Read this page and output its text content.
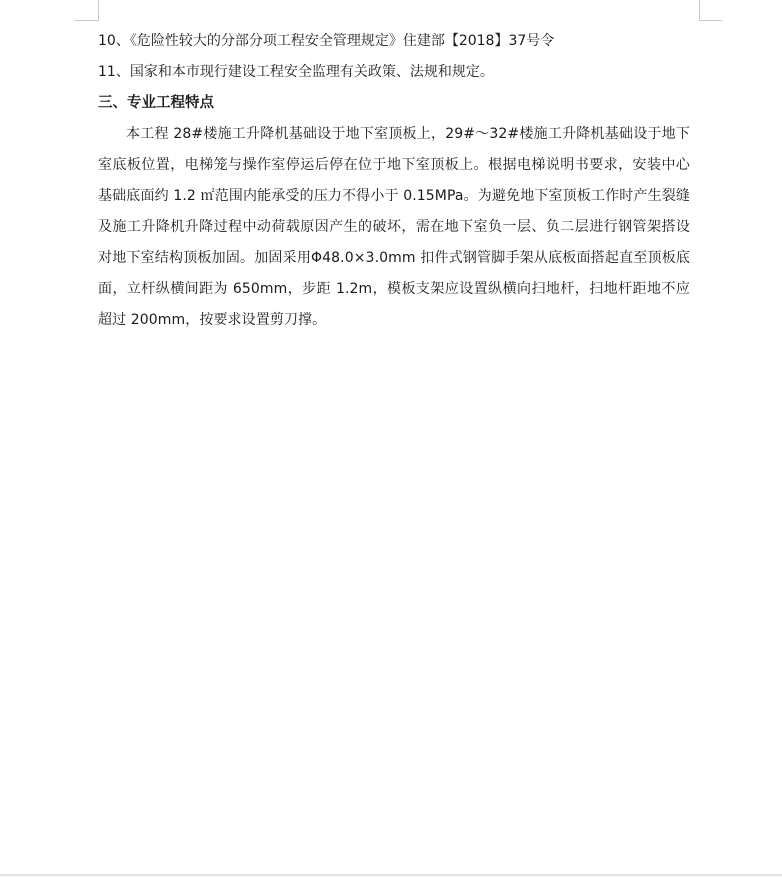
10、《危险性较大的分部分项工程安全管理规定》住建部【2018】37号令

11、国家和本市现行建设工程安全监理有关政策、法规和规定。

三、专业工程特点

本工程 28#楼施工升降机基础设于地下室顶板上，29#～32#楼施工升降机基础设于地下室底板位置，电梯笼与操作室停运后停在位于地下室顶板上。根据电梯说明书要求，安装中心基础底面约 1.2 ㎡范围内能承受的压力不得小于 0.15MPa。为避免地下室顶板工作时产生裂缝及施工升降机升降过程中动荷载原因产生的破坏，需在地下室负一层、负二层进行钢管架搭设对地下室结构顶板加固。加固采用Φ48.0×3.0mm 扣件式钢管脚手架从底板面搭起直至顶板底面，立杆纵横间距为 650mm，步距 1.2m，模板支架应设置纵横向扫地杆，扫地杆距地不应超过 200mm，按要求设置剪刀撑。
